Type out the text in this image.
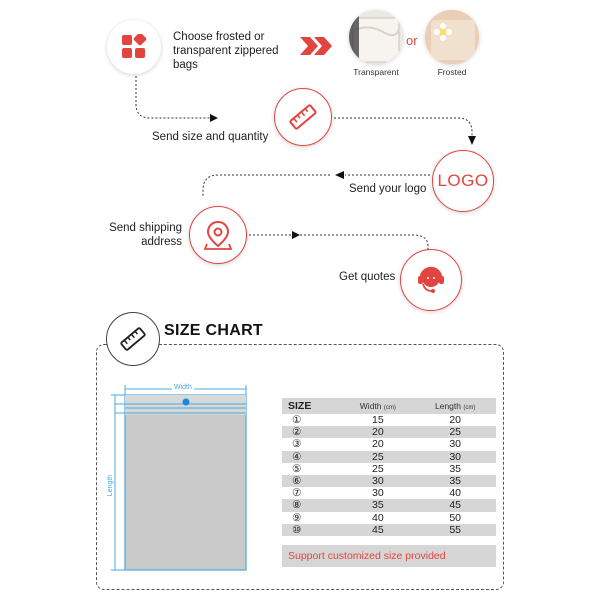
Choose frosted or
transparent zippered
bags
or
Transparent	Frosted
Send size and quantity
LOGO
Send your logo
Send shipping
address
Get quotes
SIZE CHART
Width
Length
SIZE	Width (cm)	Length (cm)
①	15	20
②	20	25
③	20	30
④	25	30
⑤	25	35
⑥	30	35
⑦	30	40
⑧	35	45
⑨	40	50
⑩	45	55
Support customized size provided
